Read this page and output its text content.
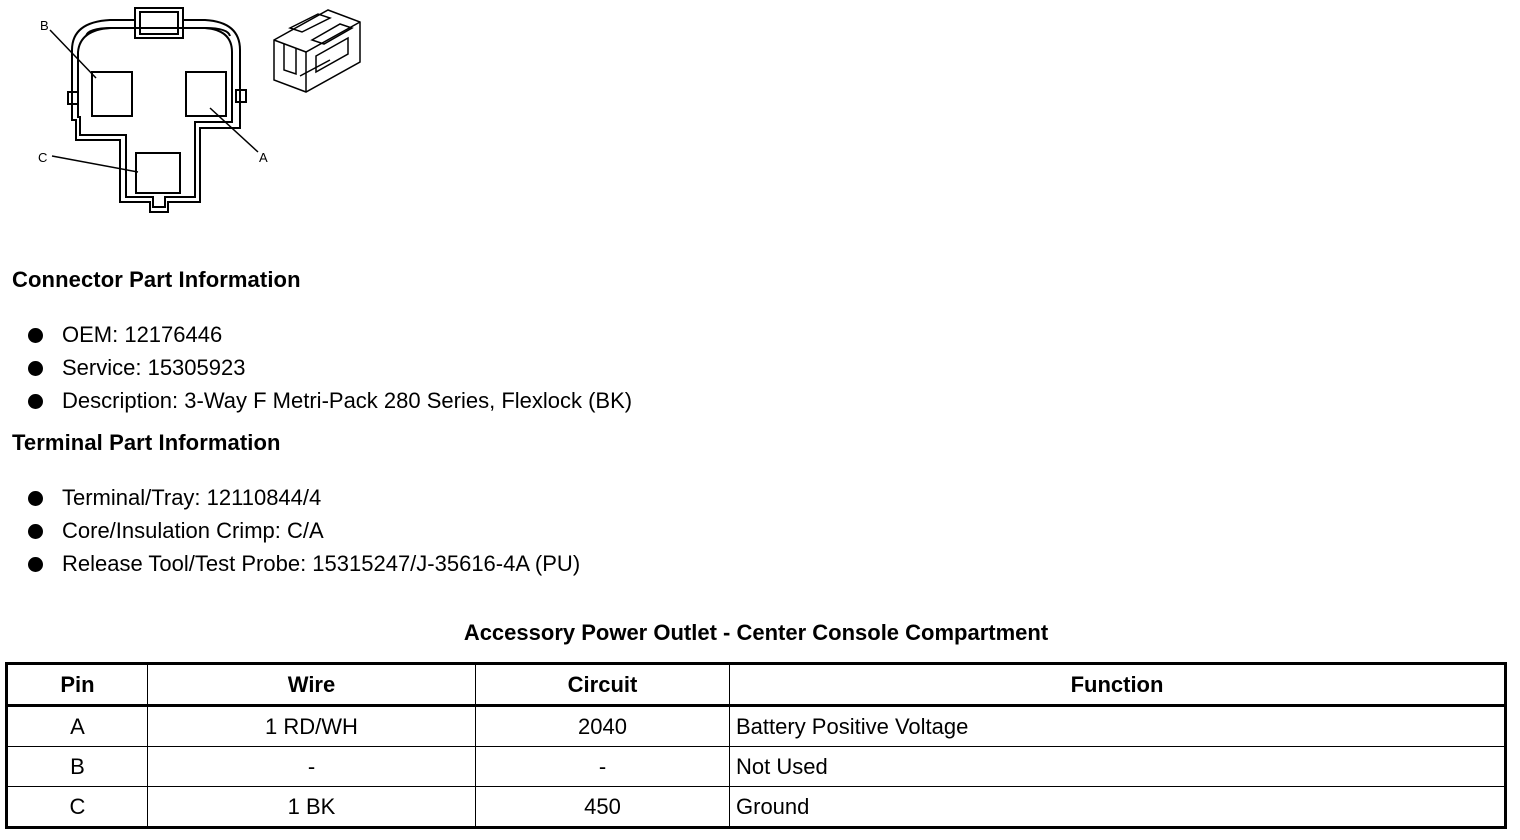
B
A
C
Connector Part Information
OEM: 12176446
Service: 15305923
Description: 3-Way F Metri-Pack 280 Series, Flexlock (BK)
Terminal Part Information
Terminal/Tray: 12110844/4
Core/Insulation Crimp: C/A
Release Tool/Test Probe: 15315247/J-35616-4A (PU)
Accessory Power Outlet - Center Console Compartment
Pin	Wire	Circuit	Function
A	1 RD/WH	2040	Battery Positive Voltage
B	-	-	Not Used
C	1 BK	450	Ground
